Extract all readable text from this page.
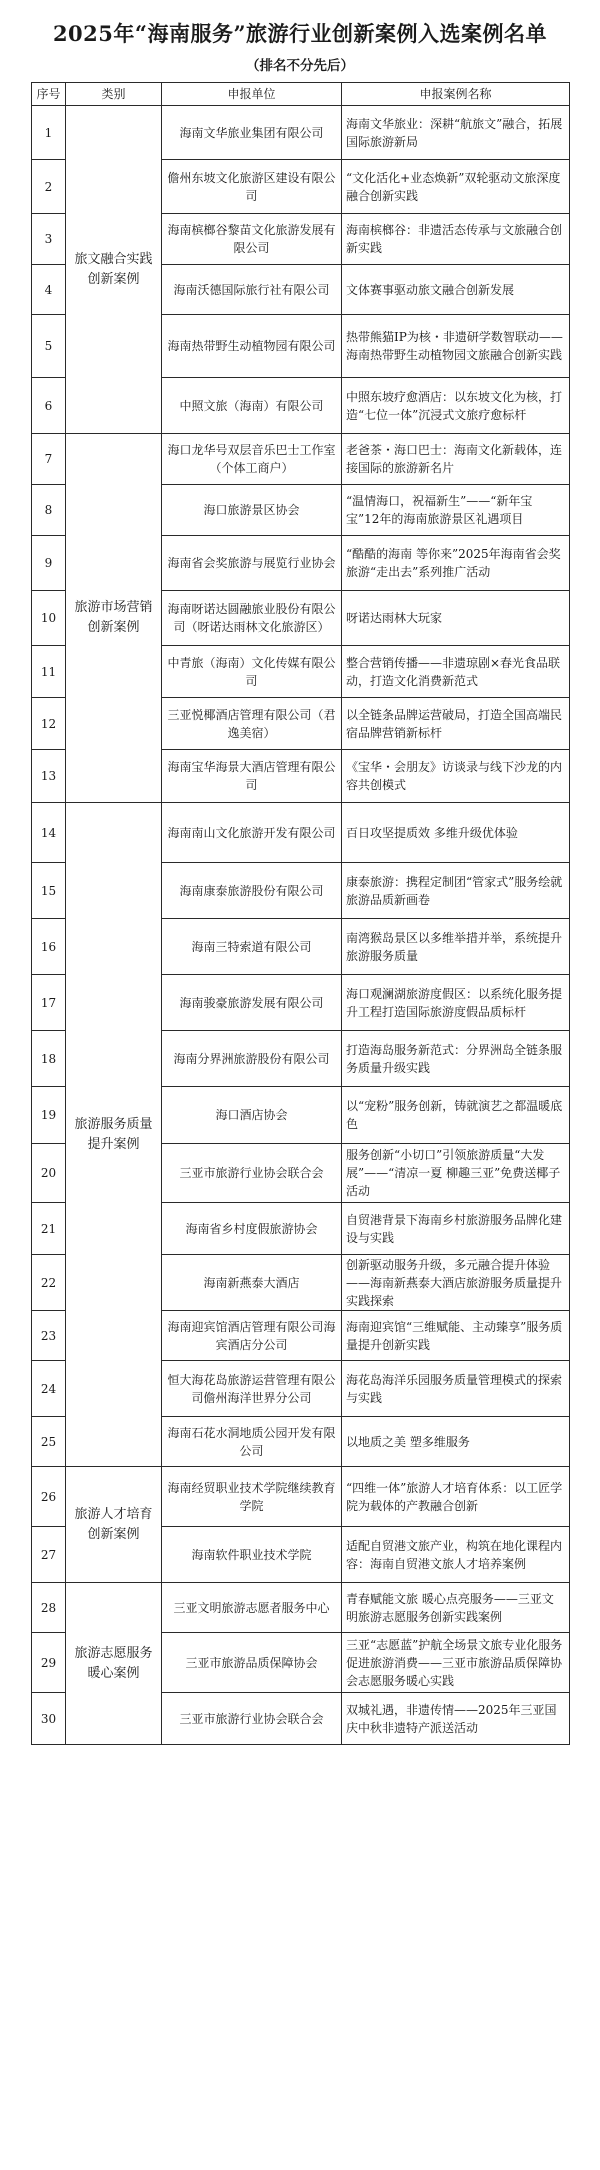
2025年“海南服务”旅游行业创新案例入选案例名单
（排名不分先后）
序号	类别	申报单位	申报案例名称
1	旅文融合实践创新案例	海南文华旅业集团有限公司	海南文华旅业：深耕“航旅文”融合，拓展国际旅游新局
2		儋州东坡文化旅游区建设有限公司	“文化活化+业态焕新”双轮驱动文旅深度融合创新实践
3		海南槟榔谷黎苗文化旅游发展有限公司	海南槟榔谷：非遗活态传承与文旅融合创新实践
4		海南沃德国际旅行社有限公司	文体赛事驱动旅文融合创新发展
5		海南热带野生动植物园有限公司	热带熊猫IP为核・非遗研学数智联动——海南热带野生动植物园文旅融合创新实践
6		中照文旅（海南）有限公司	中照东坡疗愈酒店：以东坡文化为核，打造“七位一体”沉浸式文旅疗愈标杆
7	旅游市场营销创新案例	海口龙华号双层音乐巴士工作室（个体工商户）	老爸茶・海口巴士：海南文化新载体，连接国际的旅游新名片
8		海口旅游景区协会	“温情海口，祝福新生”——“新年宝宝”12年的海南旅游景区礼遇项目
9		海南省会奖旅游与展览行业协会	“酷酷的海南 等你来”2025年海南省会奖旅游“走出去”系列推广活动
10		海南呀诺达圆融旅业股份有限公司（呀诺达雨林文化旅游区）	呀诺达雨林大玩家
11		中青旅（海南）文化传媒有限公司	整合营销传播——非遗琼剧×春光食品联动，打造文化消费新范式
12		三亚悦椰酒店管理有限公司（君逸美宿）	以全链条品牌运营破局，打造全国高端民宿品牌营销新标杆
13		海南宝华海景大酒店管理有限公司	《宝华・会朋友》访谈录与线下沙龙的内容共创模式
14	旅游服务质量提升案例	海南南山文化旅游开发有限公司	百日攻坚提质效 多维升级优体验
15		海南康泰旅游股份有限公司	康泰旅游：携程定制团“管家式”服务绘就旅游品质新画卷
16		海南三特索道有限公司	南湾猴岛景区以多维举措并举，系统提升旅游服务质量
17		海南骏豪旅游发展有限公司	海口观澜湖旅游度假区：以系统化服务提升工程打造国际旅游度假品质标杆
18		海南分界洲旅游股份有限公司	打造海岛服务新范式：分界洲岛全链条服务质量升级实践
19		海口酒店协会	以“宠粉”服务创新，铸就演艺之都温暖底色
20		三亚市旅游行业协会联合会	服务创新“小切口”引领旅游质量“大发展”——“清凉一夏 柳趣三亚”免费送椰子活动
21		海南省乡村度假旅游协会	自贸港背景下海南乡村旅游服务品牌化建设与实践
22		海南新燕泰大酒店	创新驱动服务升级，多元融合提升体验——海南新燕泰大酒店旅游服务质量提升实践探索
23		海南迎宾馆酒店管理有限公司海宾酒店分公司	海南迎宾馆“三维赋能、主动臻享”服务质量提升创新实践
24		恒大海花岛旅游运营管理有限公司儋州海洋世界分公司	海花岛海洋乐园服务质量管理模式的探索与实践
25		海南石花水洞地质公园开发有限公司	以地质之美 塑多维服务
26	旅游人才培育创新案例	海南经贸职业技术学院继续教育学院	“四维一体”旅游人才培育体系：以工匠学院为载体的产教融合创新
27		海南软件职业技术学院	适配自贸港文旅产业，构筑在地化课程内容：海南自贸港文旅人才培养案例
28	旅游志愿服务暖心案例	三亚文明旅游志愿者服务中心	青春赋能文旅 暖心点亮服务——三亚文明旅游志愿服务创新实践案例
29		三亚市旅游品质保障协会	三亚“志愿蓝”护航全场景文旅专业化服务促进旅游消费——三亚市旅游品质保障协会志愿服务暖心实践
30		三亚市旅游行业协会联合会	双城礼遇，非遗传情——2025年三亚国庆中秋非遗特产派送活动
